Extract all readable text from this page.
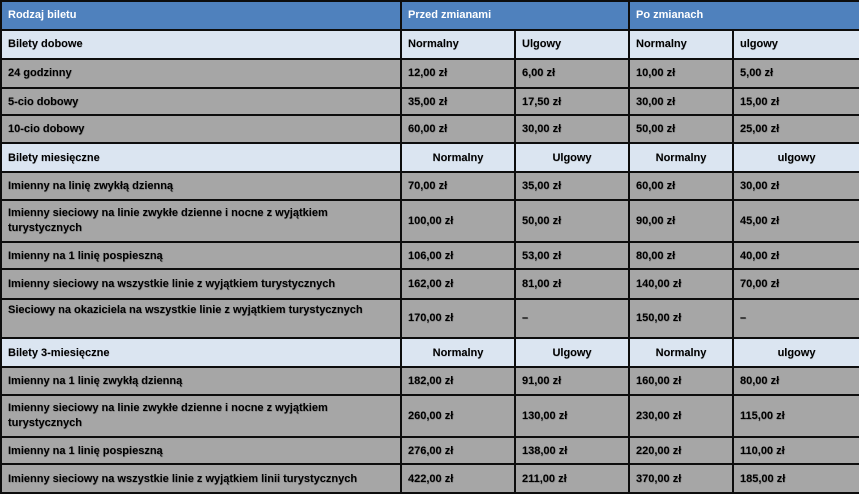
Rodzaj biletu	Przed zmianami		Po zmianach	
Bilety dobowe	Normalny	Ulgowy	Normalny	ulgowy
24 godzinny	12,00 zł	6,00 zł	10,00 zł	5,00 zł
5-cio dobowy	35,00 zł	17,50 zł	30,00 zł	15,00 zł
10-cio dobowy	60,00 zł	30,00 zł	50,00 zł	25,00 zł
Bilety miesięczne	Normalny	Ulgowy	Normalny	ulgowy
Imienny na linię zwykłą dzienną	70,00 zł	35,00 zł	60,00 zł	30,00 zł
Imienny sieciowy na linie zwykłe dzienne i nocne z wyjątkiem turystycznych	100,00 zł	50,00 zł	90,00 zł	45,00 zł
Imienny na 1 linię pospieszną	106,00 zł	53,00 zł	80,00 zł	40,00 zł
Imienny sieciowy na wszystkie linie z wyjątkiem turystycznych	162,00 zł	81,00 zł	140,00 zł	70,00 zł
Sieciowy na okaziciela na wszystkie linie z wyjątkiem turystycznych	170,00 zł	–	150,00 zł	–
Bilety 3-miesięczne	Normalny	Ulgowy	Normalny	ulgowy
Imienny na 1 linię zwykłą dzienną	182,00 zł	91,00 zł	160,00 zł	80,00 zł
Imienny sieciowy na linie zwykłe dzienne i nocne z wyjątkiem turystycznych	260,00 zł	130,00 zł	230,00 zł	115,00 zł
Imienny na 1 linię pospieszną	276,00 zł	138,00 zł	220,00 zł	110,00 zł
Imienny sieciowy na wszystkie linie z wyjątkiem linii turystycznych	422,00 zł	211,00 zł	370,00 zł	185,00 zł
